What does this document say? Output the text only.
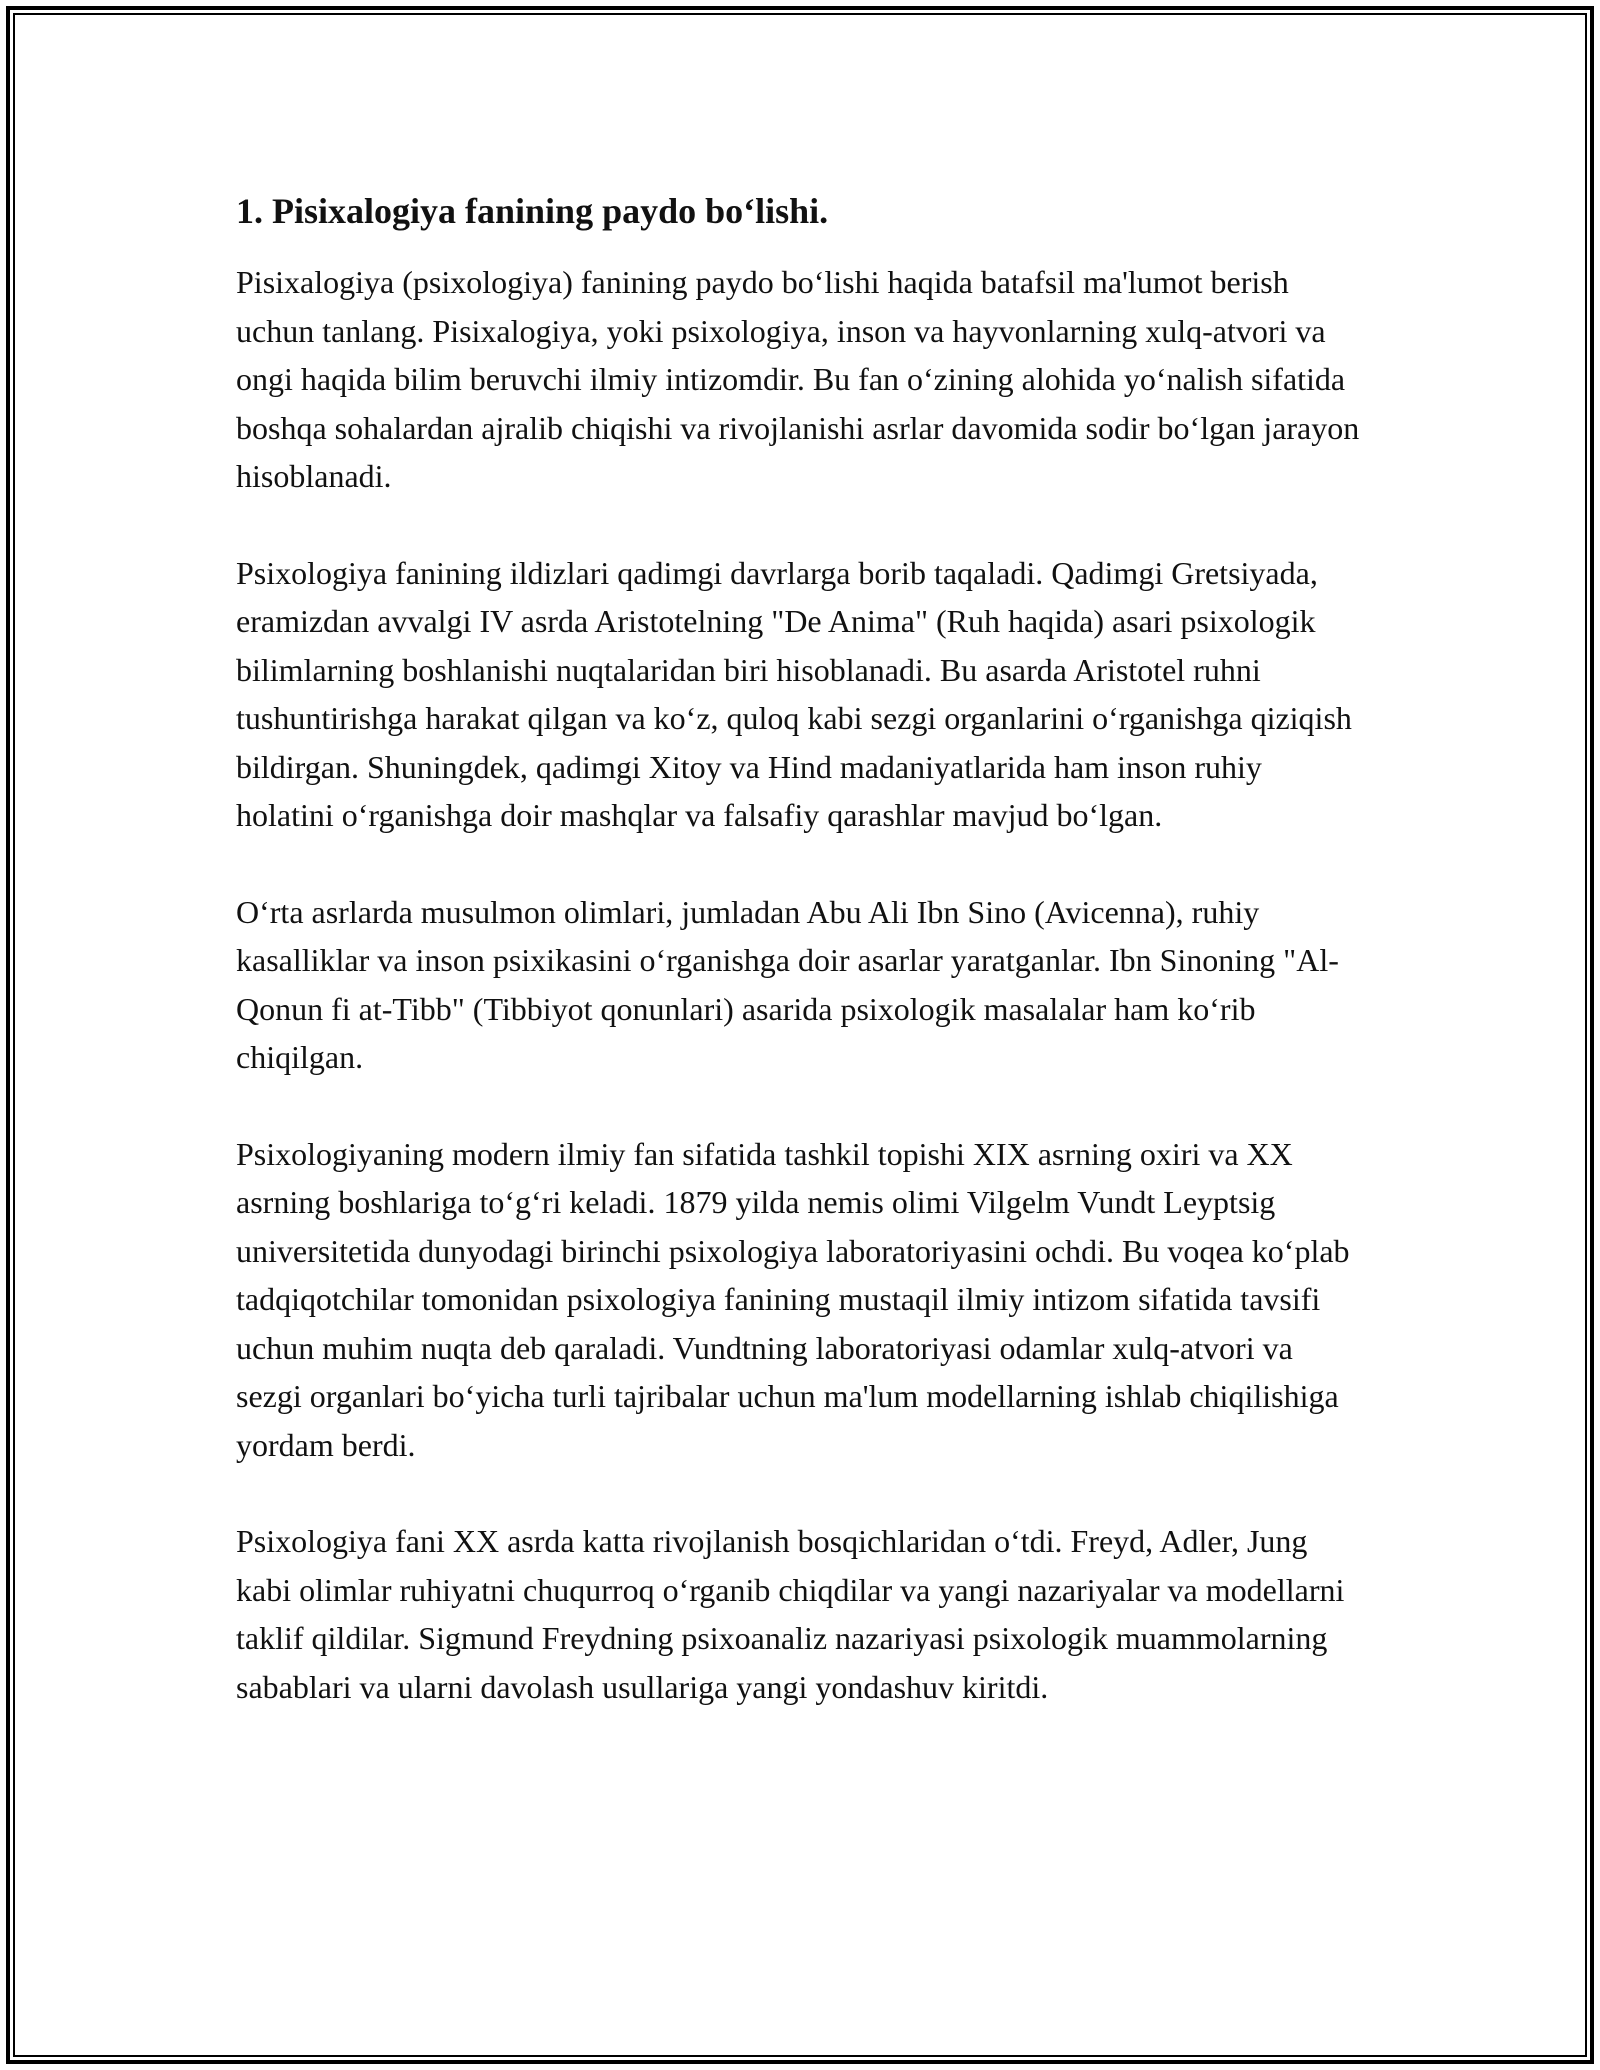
1. Pisixalogiya fanining paydo bo‘lishi.

Pisixalogiya (psixologiya) fanining paydo bo‘lishi haqida batafsil ma'lumot berish uchun tanlang. Pisixalogiya, yoki psixologiya, inson va hayvonlarning xulq-atvori va ongi haqida bilim beruvchi ilmiy intizomdir. Bu fan o‘zining alohida yo‘nalish sifatida boshqa sohalardan ajralib chiqishi va rivojlanishi asrlar davomida sodir bo‘lgan jarayon hisoblanadi.

Psixologiya fanining ildizlari qadimgi davrlarga borib taqaladi. Qadimgi Gretsiyada, eramizdan avvalgi IV asrda Aristotelning "De Anima" (Ruh haqida) asari psixologik bilimlarning boshlanishi nuqtalaridan biri hisoblanadi. Bu asarda Aristotel ruhni tushuntirishga harakat qilgan va ko‘z, quloq kabi sezgi organlarini o‘rganishga qiziqish bildirgan. Shuningdek, qadimgi Xitoy va Hind madaniyatlarida ham inson ruhiy holatini o‘rganishga doir mashqlar va falsafiy qarashlar mavjud bo‘lgan.

O‘rta asrlarda musulmon olimlari, jumladan Abu Ali Ibn Sino (Avicenna), ruhiy kasalliklar va inson psixikasini o‘rganishga doir asarlar yaratganlar. Ibn Sinoning "Al-Qonun fi at-Tibb" (Tibbiyot qonunlari) asarida psixologik masalalar ham ko‘rib chiqilgan.

Psixologiyaning modern ilmiy fan sifatida tashkil topishi XIX asrning oxiri va XX asrning boshlariga to‘g‘ri keladi. 1879 yilda nemis olimi Vilgelm Vundt Leyptsig universitetida dunyodagi birinchi psixologiya laboratoriyasini ochdi. Bu voqea ko‘plab tadqiqotchilar tomonidan psixologiya fanining mustaqil ilmiy intizom sifatida tavsifi uchun muhim nuqta deb qaraladi. Vundtning laboratoriyasi odamlar xulq-atvori va sezgi organlari bo‘yicha turli tajribalar uchun ma'lum modellarning ishlab chiqilishiga yordam berdi.

Psixologiya fani XX asrda katta rivojlanish bosqichlaridan o‘tdi. Freyd, Adler, Jung kabi olimlar ruhiyatni chuqurroq o‘rganib chiqdilar va yangi nazariyalar va modellarni taklif qildilar. Sigmund Freydning psixoanaliz nazariyasi psixologik muammolarning sabablari va ularni davolash usullariga yangi yondashuv kiritdi.
